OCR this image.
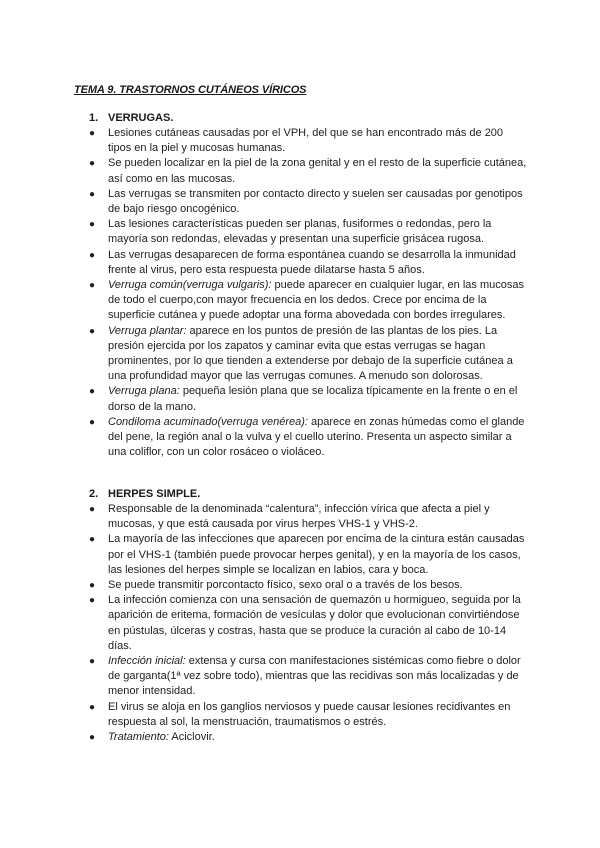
TEMA 9. TRASTORNOS CUTÁNEOS VÍRICOS
1. VERRUGAS.
● Lesiones cutáneas causadas por el VPH, del que se han encontrado más de 200 tipos en la piel y mucosas humanas.
● Se pueden localizar en la piel de la zona genital y en el resto de la superficie cutánea, así como en las mucosas.
● Las verrugas se transmiten por contacto directo y suelen ser causadas por genotipos de bajo riesgo oncogénico.
● Las lesiones características pueden ser planas, fusiformes o redondas, pero la mayoría son redondas, elevadas y presentan una superficie grisácea rugosa.
● Las verrugas desaparecen de forma espontánea cuando se desarrolla la inmunidad frente al virus, pero esta respuesta puede dilatarse hasta 5 años.
● Verruga común(verruga vulgaris): puede aparecer en cualquier lugar, en las mucosas de todo el cuerpo,con mayor frecuencia en los dedos. Crece por encima de la superficie cutánea y puede adoptar una forma abovedada con bordes irregulares.
● Verruga plantar: aparece en los puntos de presión de las plantas de los pies. La presión ejercida por los zapatos y caminar evita que estas verrugas se hagan prominentes, por lo que tienden a extenderse por debajo de la superficie cutánea a una profundidad mayor que las verrugas comunes. A menudo son dolorosas.
● Verruga plana: pequeña lesión plana que se localiza típicamente en la frente o en el dorso de la mano.
● Condiloma acuminado(verruga venérea): aparece en zonas húmedas como el glande del pene, la región anal o la vulva y el cuello uterino. Presenta un aspecto similar a una coliflor, con un color rosáceo o violáceo.
2. HERPES SIMPLE.
● Responsable de la denominada “calentura”, infección vírica que afecta a piel y mucosas, y que está causada por virus herpes VHS-1 y VHS-2.
● La mayoría de las infecciones que aparecen por encima de la cintura están causadas por el VHS-1 (también puede provocar herpes genital), y en la mayoría de los casos, las lesiones del herpes simple se localizan en labios, cara y boca.
● Se puede transmitir porcontacto físico, sexo oral o a través de los besos.
● La infección comienza con una sensación de quemazón u hormigueo, seguida por la aparición de eritema, formación de vesículas y dolor que evolucionan convirtiéndose en pústulas, úlceras y costras, hasta que se produce la curación al cabo de 10-14 días.
● Infección inicial: extensa y cursa con manifestaciones sistémicas como fiebre o dolor de garganta(1ª vez sobre todo), mientras que las recidivas son más localizadas y de menor intensidad.
● El virus se aloja en los ganglios nerviosos y puede causar lesiones recidivantes en respuesta al sol, la menstruación, traumatismos o estrés.
● Tratamiento: Aciclovir.
